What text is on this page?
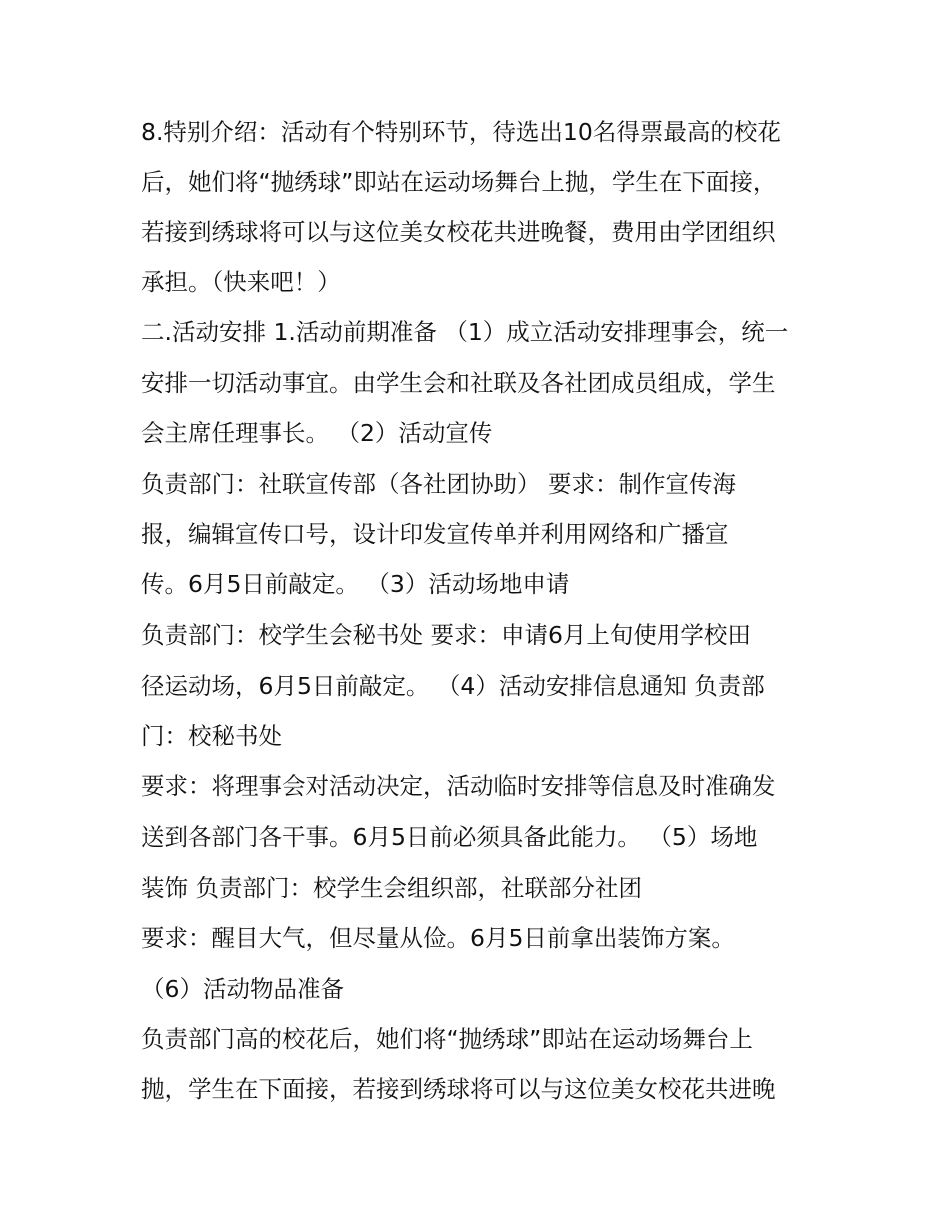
8.特别介绍：活动有个特别环节，待选出10名得票最高的校花
后，她们将“抛绣球”即站在运动场舞台上抛，学生在下面接，
若接到绣球将可以与这位美女校花共进晚餐，费用由学团组织
承担。（快来吧！）
二.活动安排 1.活动前期准备 （1）成立活动安排理事会，统一
安排一切活动事宜。由学生会和社联及各社团成员组成，学生
会主席任理事长。 （2）活动宣传
负责部门：社联宣传部（各社团协助） 要求：制作宣传海
报，编辑宣传口号，设计印发宣传单并利用网络和广播宣
传。6月5日前敲定。 （3）活动场地申请
负责部门：校学生会秘书处 要求：申请6月上旬使用学校田
径运动场，6月5日前敲定。 （4）活动安排信息通知 负责部
门：校秘书处
要求：将理事会对活动决定，活动临时安排等信息及时准确发
送到各部门各干事。6月5日前必须具备此能力。 （5）场地
装饰 负责部门：校学生会组织部，社联部分社团
要求：醒目大气，但尽量从俭。6月5日前拿出装饰方案。
（6）活动物品准备
负责部门高的校花后，她们将“抛绣球”即站在运动场舞台上
抛，学生在下面接，若接到绣球将可以与这位美女校花共进晚
